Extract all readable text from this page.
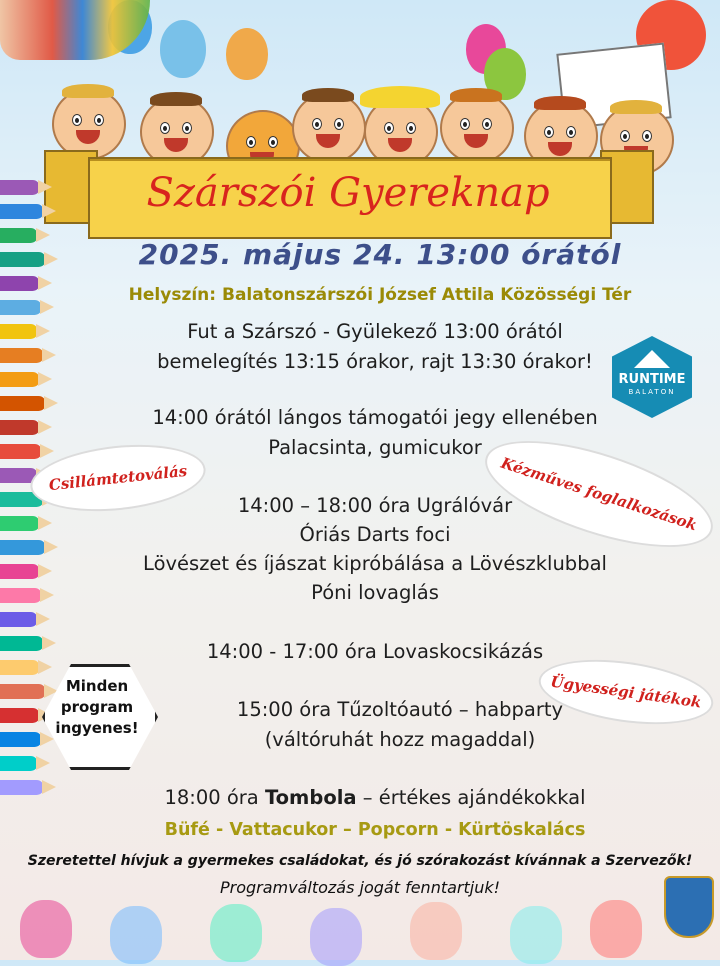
Szárszói Gyereknap
2025. május 24. 13:00 órától
Helyszín: Balatonszárszói József Attila Közösségi Tér
Fut a Szárszó - Gyülekező 13:00 órától
bemelegítés 13:15 órakor, rajt 13:30 órakor!
RUNTIME
BALATON
14:00 órától lángos támogatói jegy ellenében
Palacsinta, gumicukor
14:00 – 18:00 óra Ugrálóvár
Óriás Darts foci
Lövészet és íjászat kipróbálása a Lövészklubbal
Póni lovaglás
14:00 - 17:00 óra Lovaskocsikázás
15:00 óra Tűzoltóautó – habparty
(váltóruhát hozz magaddal)
18:00 óra Tombola – értékes ajándékokkal
Csillámtetoválás	Kézműves foglalkozások
Ügyességi játékok
Minden
program
ingyenes!
Büfé - Vattacukor – Popcorn - Kürtöskalács
Szeretettel hívjuk a gyermekes családokat, és jó szórakozást kívánnak a Szervezők!
Programváltozás jogát fenntartjuk!
